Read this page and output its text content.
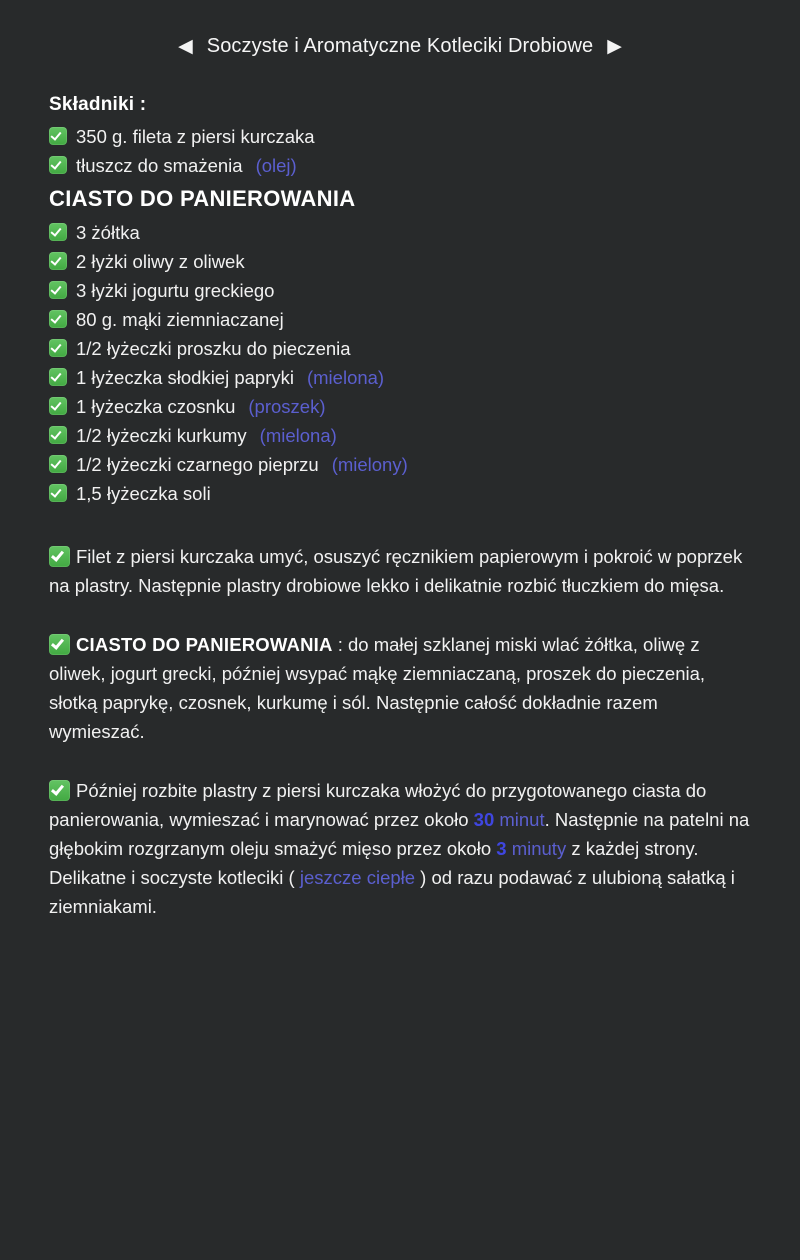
◀ Soczyste i Aromatyczne Kotleciki Drobiowe ▶
Składniki :
350 g. fileta z piersi kurczaka
tłuszcz do smażenia (olej)
CIASTO DO PANIEROWANIA
3 żółtka
2 łyżki oliwy z oliwek
3 łyżki jogurtu greckiego
80 g. mąki ziemniaczanej
1/2 łyżeczki proszku do pieczenia
1 łyżeczka słodkiej papryki (mielona)
1 łyżeczka czosnku (proszek)
1/2 łyżeczki kurkumy (mielona)
1/2 łyżeczki czarnego pieprzu (mielony)
1,5 łyżeczka soli

Filet z piersi kurczaka umyć, osuszyć ręcznikiem papierowym i pokroić w poprzek na plastry. Następnie plastry drobiowe lekko i delikatnie rozbić tłuczkiem do mięsa.

CIASTO DO PANIEROWANIA : do małej szklanej miski wlać żółtka, oliwę z oliwek, jogurt grecki, później wsypać mąkę ziemniaczaną, proszek do pieczenia, słotką paprykę, czosnek, kurkumę i sól. Następnie całość dokładnie razem wymieszać.

Później rozbite plastry z piersi kurczaka włożyć do przygotowanego ciasta do panierowania, wymieszać i marynować przez około 30 minut. Następnie na patelni na głębokim rozgrzanym oleju smażyć mięso przez około 3 minuty z każdej strony. Delikatne i soczyste kotleciki ( jeszcze ciepłe ) od razu podawać z ulubioną sałatką i ziemniakami.
